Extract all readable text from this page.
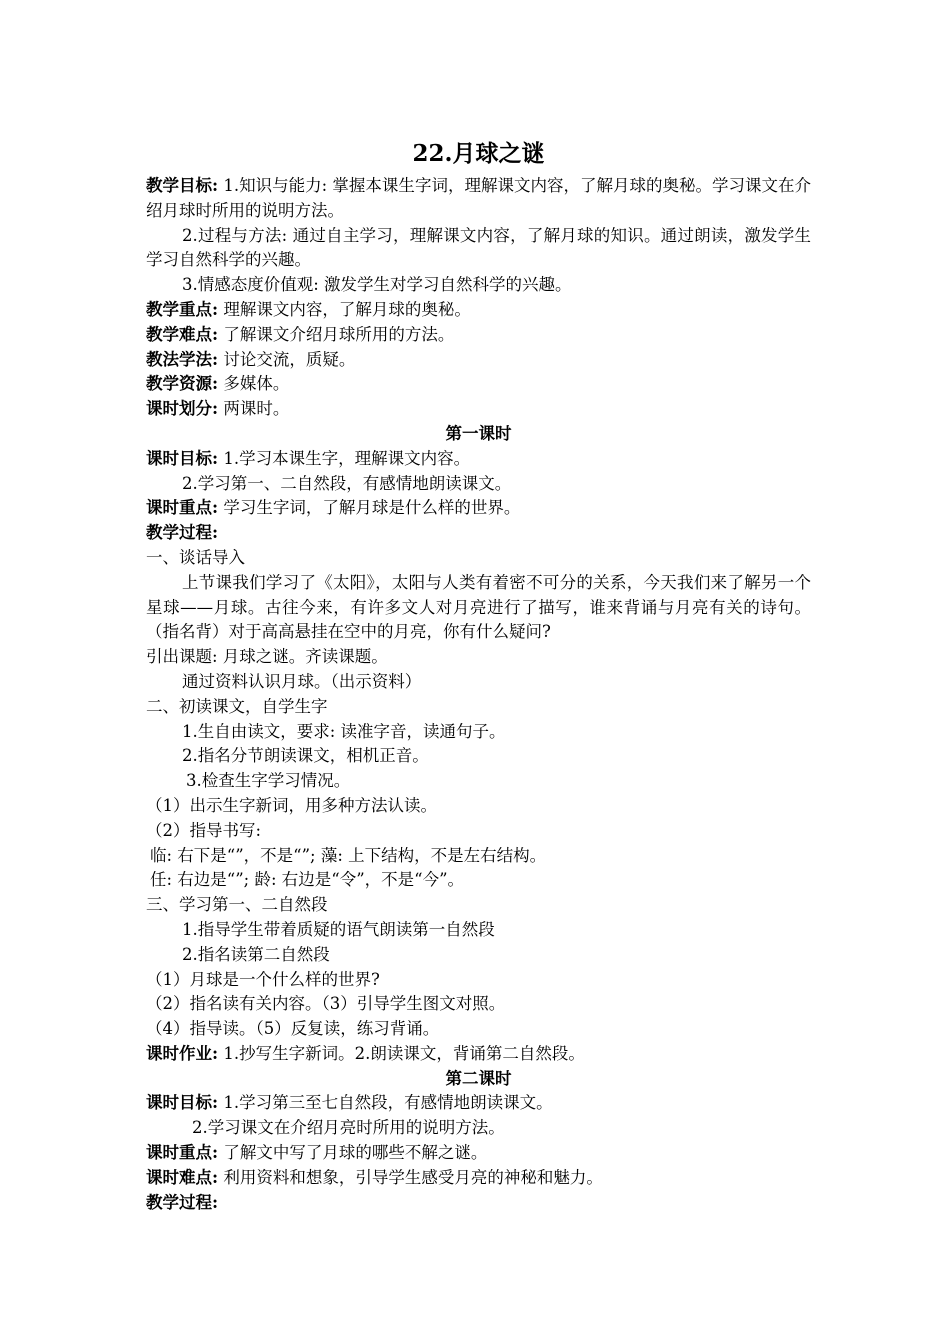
22.月球之谜
教学目标: 1.知识与能力: 掌握本课生字词，理解课文内容，了解月球的奥秘。学习课文在介绍月球时所用的说明方法。
2.过程与方法: 通过自主学习，理解课文内容，了解月球的知识。通过朗读，激发学生学习自然科学的兴趣。
3.情感态度价值观: 激发学生对学习自然科学的兴趣。
教学重点: 理解课文内容，了解月球的奥秘。
教学难点: 了解课文介绍月球所用的方法。
教法学法: 讨论交流，质疑。
教学资源: 多媒体。
课时划分: 两课时。
第一课时
课时目标: 1.学习本课生字，理解课文内容。
2.学习第一、二自然段，有感情地朗读课文。
课时重点: 学习生字词，了解月球是什么样的世界。
教学过程:
一、谈话导入
上节课我们学习了《太阳》，太阳与人类有着密不可分的关系，今天我们来了解另一个星球——月球。古往今来，有许多文人对月亮进行了描写，谁来背诵与月亮有关的诗句。（指名背）对于高高悬挂在空中的月亮，你有什么疑问?
引出课题: 月球之谜。齐读课题。
通过资料认识月球。（出示资料）
二、初读课文，自学生字
1.生自由读文，要求: 读准字音，读通句子。
2.指名分节朗读课文，相机正音。
3.检查生字学习情况。
（1）出示生字新词，用多种方法认读。
（2）指导书写:
临: 右下是“”，不是“”; 藻: 上下结构，不是左右结构。
任: 右边是“”; 龄: 右边是“令”，不是“今”。
三、学习第一、二自然段
1.指导学生带着质疑的语气朗读第一自然段
2.指名读第二自然段
（1）月球是一个什么样的世界?
（2）指名读有关内容。（3）引导学生图文对照。
（4）指导读。（5）反复读，练习背诵。
课时作业: 1.抄写生字新词。2.朗读课文，背诵第二自然段。
第二课时
课时目标: 1.学习第三至七自然段，有感情地朗读课文。
2.学习课文在介绍月亮时所用的说明方法。
课时重点: 了解文中写了月球的哪些不解之谜。
课时难点: 利用资料和想象，引导学生感受月亮的神秘和魅力。
教学过程:
